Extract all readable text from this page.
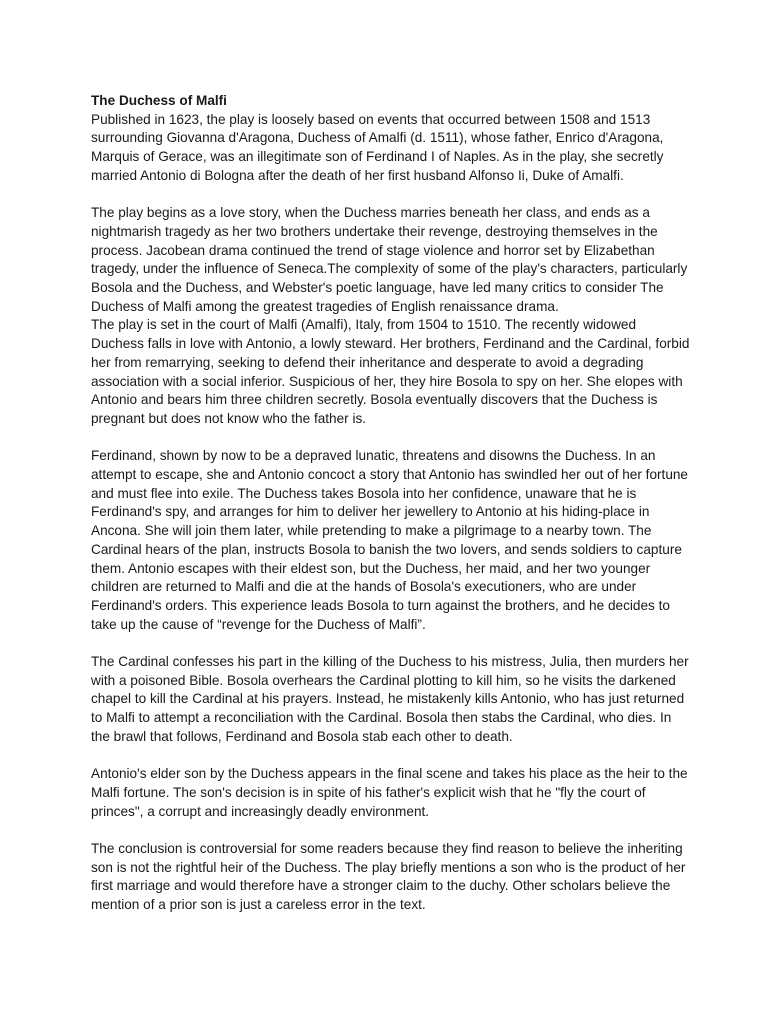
The Duchess of Malfi

Published in 1623, the play is loosely based on events that occurred between 1508 and 1513 surrounding Giovanna d'Aragona, Duchess of Amalfi (d. 1511), whose father, Enrico d'Aragona, Marquis of Gerace, was an illegitimate son of Ferdinand I of Naples. As in the play, she secretly married Antonio di Bologna after the death of her first husband Alfonso Ii, Duke of Amalfi.

The play begins as a love story, when the Duchess marries beneath her class, and ends as a nightmarish tragedy as her two brothers undertake their revenge, destroying themselves in the process. Jacobean drama continued the trend of stage violence and horror set by Elizabethan tragedy, under the influence of Seneca.The complexity of some of the play's characters, particularly Bosola and the Duchess, and Webster's poetic language, have led many critics to consider The Duchess of Malfi among the greatest tragedies of English renaissance drama.

The play is set in the court of Malfi (Amalfi), Italy, from 1504 to 1510. The recently widowed Duchess falls in love with Antonio, a lowly steward. Her brothers, Ferdinand and the Cardinal, forbid her from remarrying, seeking to defend their inheritance and desperate to avoid a degrading association with a social inferior. Suspicious of her, they hire Bosola to spy on her. She elopes with Antonio and bears him three children secretly. Bosola eventually discovers that the Duchess is pregnant but does not know who the father is.

Ferdinand, shown by now to be a depraved lunatic, threatens and disowns the Duchess. In an attempt to escape, she and Antonio concoct a story that Antonio has swindled her out of her fortune and must flee into exile. The Duchess takes Bosola into her confidence, unaware that he is Ferdinand's spy, and arranges for him to deliver her jewellery to Antonio at his hiding-place in Ancona. She will join them later, while pretending to make a pilgrimage to a nearby town. The Cardinal hears of the plan, instructs Bosola to banish the two lovers, and sends soldiers to capture them. Antonio escapes with their eldest son, but the Duchess, her maid, and her two younger children are returned to Malfi and die at the hands of Bosola's executioners, who are under Ferdinand's orders. This experience leads Bosola to turn against the brothers, and he decides to take up the cause of “revenge for the Duchess of Malfi”.

The Cardinal confesses his part in the killing of the Duchess to his mistress, Julia, then murders her with a poisoned Bible. Bosola overhears the Cardinal plotting to kill him, so he visits the darkened chapel to kill the Cardinal at his prayers. Instead, he mistakenly kills Antonio, who has just returned to Malfi to attempt a reconciliation with the Cardinal. Bosola then stabs the Cardinal, who dies. In the brawl that follows, Ferdinand and Bosola stab each other to death.

Antonio's elder son by the Duchess appears in the final scene and takes his place as the heir to the Malfi fortune. The son's decision is in spite of his father's explicit wish that he "fly the court of princes", a corrupt and increasingly deadly environment.

The conclusion is controversial for some readers because they find reason to believe the inheriting son is not the rightful heir of the Duchess. The play briefly mentions a son who is the product of her first marriage and would therefore have a stronger claim to the duchy. Other scholars believe the mention of a prior son is just a careless error in the text.
